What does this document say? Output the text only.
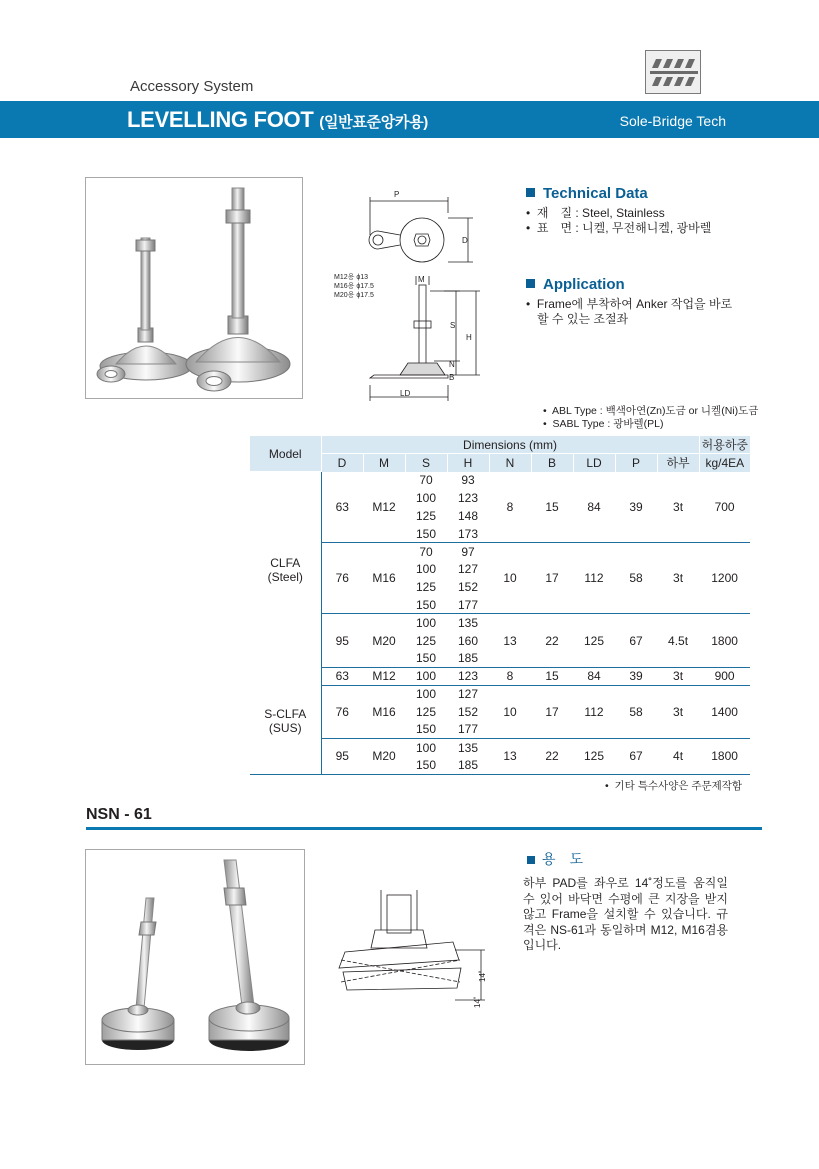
Accessory System
LEVELLING FOOT (일반표준앙카용)	Sole-Bridge Tech
P
D
M
S
H
B
N
LD
M12용 ϕ13
M16용 ϕ17.5
M20용 ϕ17.5
Technical Data
•  재　질 : Steel, Stainless
•  표　면 : 니켈, 무전해니켈, 광바렐
Application
•  Frame에 부착하여 Anker 작업을 바로
할 수 있는 조절좌
•  ABL Type : 백색아연(Zn)도금 or 니켈(Ni)도금
•  SABL Type : 광바렐(PL)
Model	Dimensions (mm)									허용하중
	D	M	S	H	N	B	LD	P	하부	kg/4EA

CLFA
(Steel)	63	M12	70	93	8	15	84	39	3t	700
			100	123						
			125	148						
			150	173						
	76	M16	70	97	10	17	112	58	3t	1200
			100	127						
			125	152						
			150	177						
	95	M20	100	135	13	22	125	67	4.5t	1800
			125	160						
			150	185						

S-CLFA
(SUS)	63	M12	100	123	8	15	84	39	3t	900
	76	M16	100	127	10	17	112	58	3t	1400
			125	152						
			150	177						
	95	M20	100	135	13	22	125	67	4t	1800
			150	185						
•  기타 특수사양은 주문제작함
NSN - 61
14˚
14˚
용　도
하부 PAD를 좌우로 14˚정도를 움직일 수 있어 바닥면 수평에 큰 지장을 받지 않고 Frame을 설치할 수 있습니다. 규격은 NS-61과 동일하며 M12, M16겸용 입니다.
